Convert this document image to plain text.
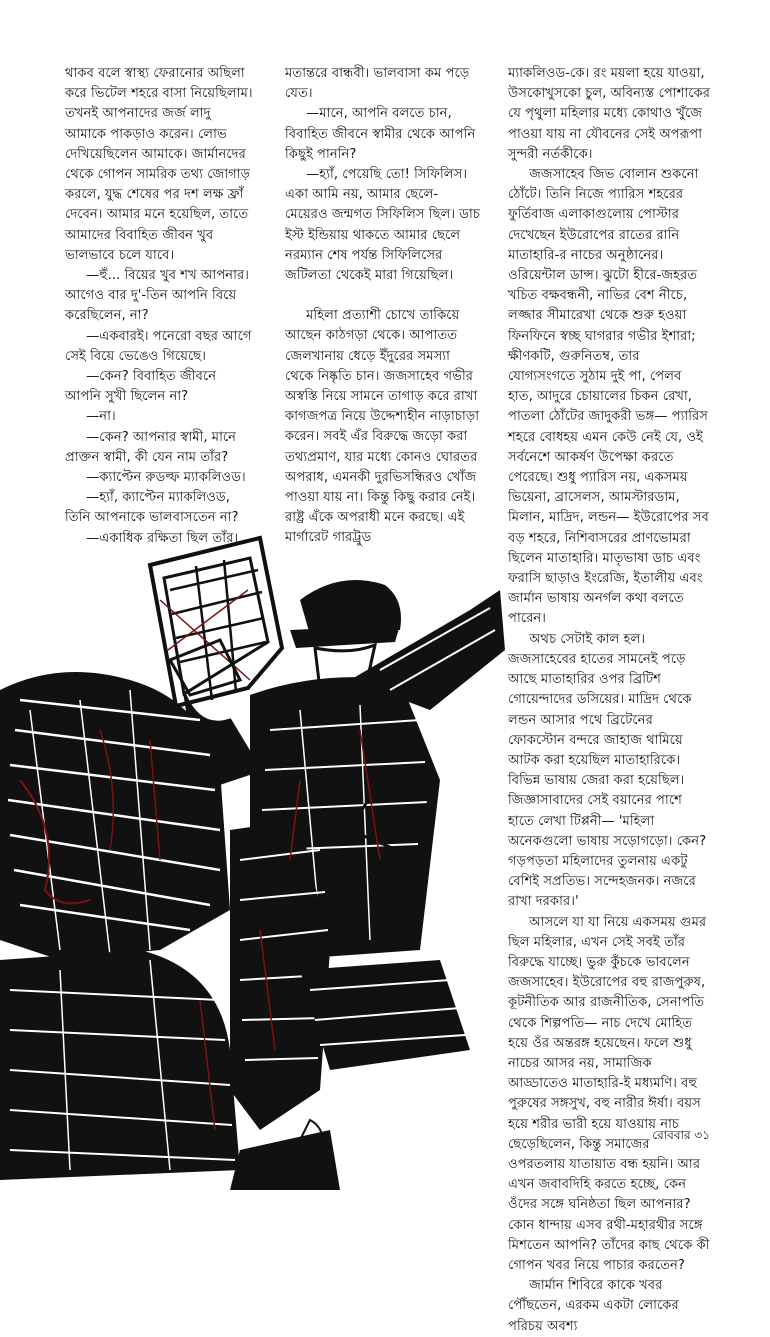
থাকব বলে স্বাস্থ্য ফেরানোর অছিলা করে ভিটেল শহরে বাসা নিয়েছিলাম। তখনই আপনাদের জর্জ লাদু আমাকে পাকড়াও করেন। লোভ দেখিয়েছিলেন আমাকে। জার্মানদের থেকে গোপন সামরিক তথ্য জোগাড় করলে, যুদ্ধ শেষের পর দশ লক্ষ ফ্রাঁ দেবেন। আমার মনে হয়েছিল, তাতে আমাদের বিবাহিত জীবন খুব ভালভাবে চলে যাবে।

—হুঁ... বিয়ের খুব শখ আপনার। আগেও বার দু'-তিন আপনি বিয়ে করেছিলেন, না?

—একবারই। পনেরো বছর আগে সেই বিয়ে ভেঙেও গিয়েছে।

—কেন? বিবাহিত জীবনে আপনি সুখী ছিলেন না?

—না।

—কেন? আপনার স্বামী, মানে প্রাক্তন স্বামী, কী যেন নাম তাঁর?

—ক্যাপ্টেন রুডল্ফ ম্যাকলিওড।

—হ্যাঁ, ক্যাপ্টেন ম্যাকলিওড, তিনি আপনাকে ভালবাসতেন না?

—একাধিক রক্ষিতা ছিল তাঁর।

মতান্তরে বান্ধবী। ভালবাসা কম পড়ে যেত।

—মানে, আপনি বলতে চান, বিবাহিত জীবনে স্বামীর থেকে আপনি কিছুই পাননি?

—হ্যাঁ, পেয়েছি তো! সিফিলিস। একা আমি নয়, আমার ছেলে-মেয়েরও জন্মগত সিফিলিস ছিল। ডাচ ইস্ট ইন্ডিয়ায় থাকতে আমার ছেলে নরম্যান শেষ পর্যন্ত সিফিলিসের জটিলতা থেকেই মারা গিয়েছিল।

মহিলা প্রত্যাশী চোখে তাকিয়ে আছেন কাঠগড়া থেকে। আপাতত জেলখানায় ধেড়ে ইঁদুরের সমস্যা থেকে নিষ্কৃতি চান। জজসাহেব গভীর অস্বস্তি নিয়ে সামনে তাগাড় করে রাখা কাগজপত্র নিয়ে উদ্দেশ্যহীন নাড়াচাড়া করেন। সবই এঁর বিরুদ্ধে জড়ো করা তথ্যপ্রমাণ, যার মধ্যে কোনও ঘোরতর অপরাধ, এমনকী দুরভিসন্ধিরও খোঁজ পাওয়া যায় না। কিন্তু কিছু করার নেই। রাষ্ট্র এঁকে অপরাধী মনে করছে। এই মার্গারেট গারট্রুড

ম্যাকলিওড-কে। রং ময়লা হয়ে যাওয়া, উসকোখুসকো চুল, অবিন্যস্ত পোশাকের যে পৃথুলা মহিলার মধ্যে কোথাও খুঁজে পাওয়া যায় না যৌবনের সেই অপরূপা সুন্দরী নর্তকীকে।

জজসাহেব জিভ বোলান শুকনো ঠোঁটে। তিনি নিজে প্যারিস শহরের ফুর্তিবাজ এলাকাগুলোয় পোস্টার দেখেছেন ইউরোপের রাতের রানি মাতাহারি-র নাচের অনুষ্ঠানের। ওরিয়েন্টাল ডান্স। ঝুটো হীরে-জহরত খচিত বক্ষবন্ধনী, নাভির বেশ নীচে, লজ্জার সীমারেখা থেকে শুরু হওয়া ফিনফিনে স্বচ্ছ ঘাগরার গভীর ইশারা; ক্ষীণকটি, গুরুনিতম্ব, তার যোগ্যসংগতে সুঠাম দুই পা, পেলব হাত, আদুরে চোয়ালের চিকন রেখা, পাতলা ঠোঁটের জাদুকরী ভঙ্গ— প্যারিস শহরে বোধহয় এমন কেউ নেই যে, ওই সর্বনেশে আকর্ষণ উপেক্ষা করতে পেরেছে। শুধু প্যারিস নয়, একসময় ভিয়েনা, ব্রাসেলস, আমস্টারডাম, মিলান, মাদ্রিদ, লন্ডন— ইউরোপের সব বড় শহরে, নিশিবাসরের প্রাণভোমরা ছিলেন মাতাহারি। মাতৃভাষা ডাচ এবং ফরাসি ছাড়াও ইংরেজি, ইতালীয় এবং জার্মান ভাষায় অনর্গল কথা বলতে পারেন।

অথচ সেটাই কাল হল। জজসাহেবের হাতের সামনেই পড়ে আছে মাতাহারির ওপর ব্রিটিশ গোয়েন্দাদের ডসিয়ের। মাদ্রিদ থেকে লন্ডন আসার পথে ব্রিটেনের ফোকস্টোন বন্দরে জাহাজ থামিয়ে আটক করা হয়েছিল মাতাহারিকে। বিভিন্ন ভাষায় জেরা করা হয়েছিল। জিজ্ঞাসাবাদের সেই বয়ানের পাশে হাতে লেখা টিপ্পনী— 'মহিলা অনেকগুলো ভাষায় সড়োগড়ো। কেন? গড়পড়তা মহিলাদের তুলনায় একটু বেশিই সপ্রতিভ। সন্দেহজনক। নজরে রাখা দরকার।'

আসলে যা যা নিয়ে একসময় গুমর ছিল মহিলার, এখন সেই সবই তাঁর বিরুদ্ধে যাচ্ছে। ভুরু কুঁচকে ভাবলেন জজসাহেব। ইউরোপের বহু রাজপুরুষ, কূটনীতিক আর রাজনীতিক, সেনাপতি থেকে শিল্পপতি— নাচ দেখে মোহিত হয়ে ওঁর অন্তরঙ্গ হয়েছেন। ফলে শুধু নাচের আসর নয়, সামাজিক আড্ডাতেও মাতাহারি-ই মধ্যমণি। বহু পুরুষের সঙ্গসুখ, বহু নারীর ঈর্ষা। বয়স হয়ে শরীর ভারী হয়ে যাওয়ায় নাচ ছেড়েছিলেন, কিন্তু সমাজের ওপরতলায় যাতায়াত বন্ধ হয়নি। আর এখন জবাবদিহি করতে হচ্ছে, কেন ওঁদের সঙ্গে ঘনিষ্ঠতা ছিল আপনার? কোন ধান্দায় এসব রথী-মহারথীর সঙ্গে মিশতেন আপনি? তাঁদের কাছ থেকে কী গোপন খবর নিয়ে পাচার করতেন?

জার্মান শিবিরে কাকে খবর পৌঁছতেন, এরকম একটা লোকের পরিচয় অবশ্য

রোববার ৩১
